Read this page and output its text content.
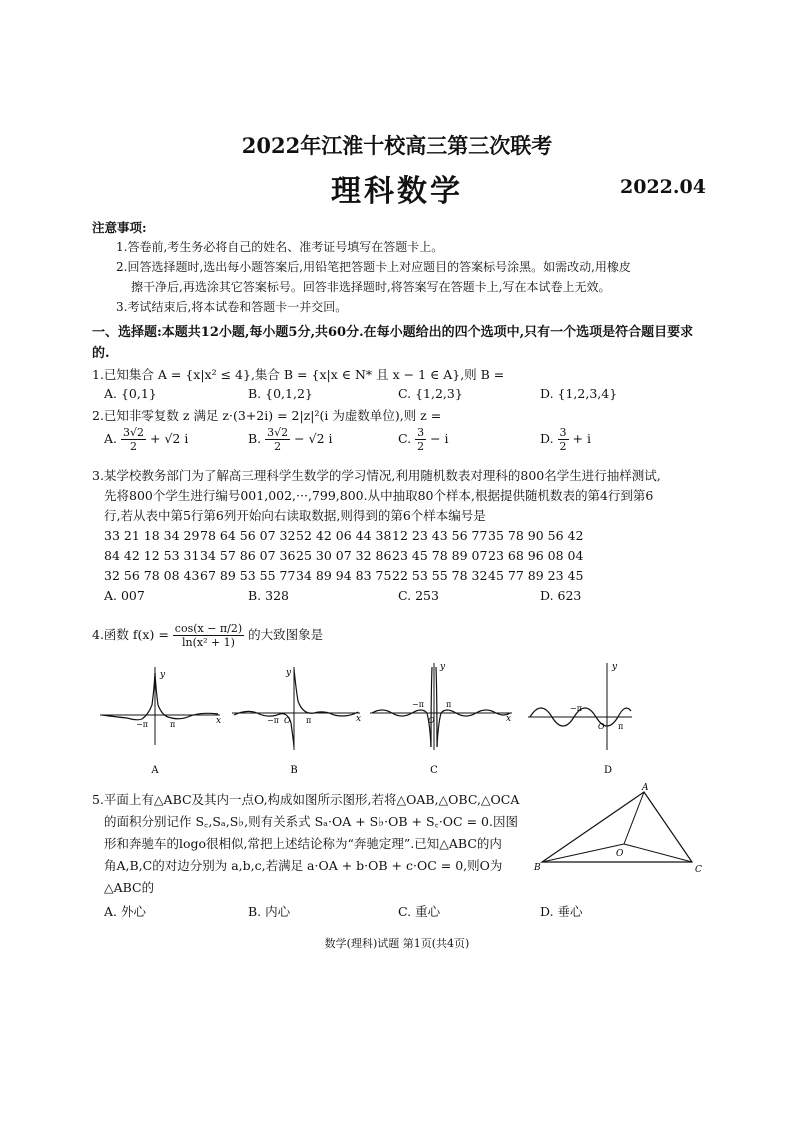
2022年江淮十校高三第三次联考
理科数学	2022.04
注意事项:
1.答卷前,考生务必将自己的姓名、准考证号填写在答题卡上。
2.回答选择题时,选出每小题答案后,用铅笔把答题卡上对应题目的答案标号涂黑。如需改动,用橡皮
擦干净后,再选涂其它答案标号。回答非选择题时,将答案写在答题卡上,写在本试卷上无效。
3.考试结束后,将本试卷和答题卡一并交回。
一、选择题:本题共12小题,每小题5分,共60分.在每小题给出的四个选项中,只有一个选项是符合题目要求的.
1.已知集合 A = {x|x² ≤ 4},集合 B = {x|x ∈ N* 且 x − 1 ∈ A},则 B =
A. {0,1}	B. {0,1,2}	C. {1,2,3}	D. {1,2,3,4}
2.已知非零复数 z 满足 z·(3+2i) = 2|z|²(i 为虚数单位),则 z =
A. $\frac{3√2}{2} + √2$ i	B. $\frac{3√2}{2} - √2$ i	C. $\frac{3}{2} - i$	D. $\frac{3}{2} + i$
3.某学校教务部门为了解高三理科学生数学的学习情况,利用随机数表对理科的800名学生进行抽样测试,
先将800个学生进行编号001,002,···,799,800.从中抽取80个样本,根据提供随机数表的第4行到第6
行,若从表中第5行第6列开始向右读取数据,则得到的第6个样本编号是
33 21 18 34 29 78 64 56 07 32 52 42 06 44 38 12 23 43 56 77 35 78 90 56 42
84 42 12 53 31 34 57 86 07 36 25 30 07 32 86 23 45 78 89 07 23 68 96 08 04
32 56 78 08 43 67 89 53 55 77 34 89 94 83 75 22 53 55 78 32 45 77 89 23 45
A. 007	B. 328	C. 253	D. 623
4.函数 $f(x) = \frac{\cos(x - \pi/2)}{\text{ln(x² + 1)}}$ 的大致图象是
y
x
−π	π
A
y
x
O
−π	π
B
y
x
O
−π	π
C
y
O
−π
π
D
5.平面上有△ABC及其内一点O,构成如图所示图形,若将△OAB,△OBC,△OCA
的面积分别记作 S꜀,Sₐ,S♭,则有关系式 Sₐ·OA + S♭·OB + S꜀·OC = 0.因图
形和奔驰车的logo很相似,常把上述结论称为“奔驰定理”.已知△ABC的内
角A,B,C的对边分别为 a,b,c,若满足 a·OA + b·OB + c·OC = 0,则O为
△ABC的
A. 外心	B. 内心	C. 重心	D. 垂心
A
B	C
O
数学(理科)试题 第1页(共4页)
